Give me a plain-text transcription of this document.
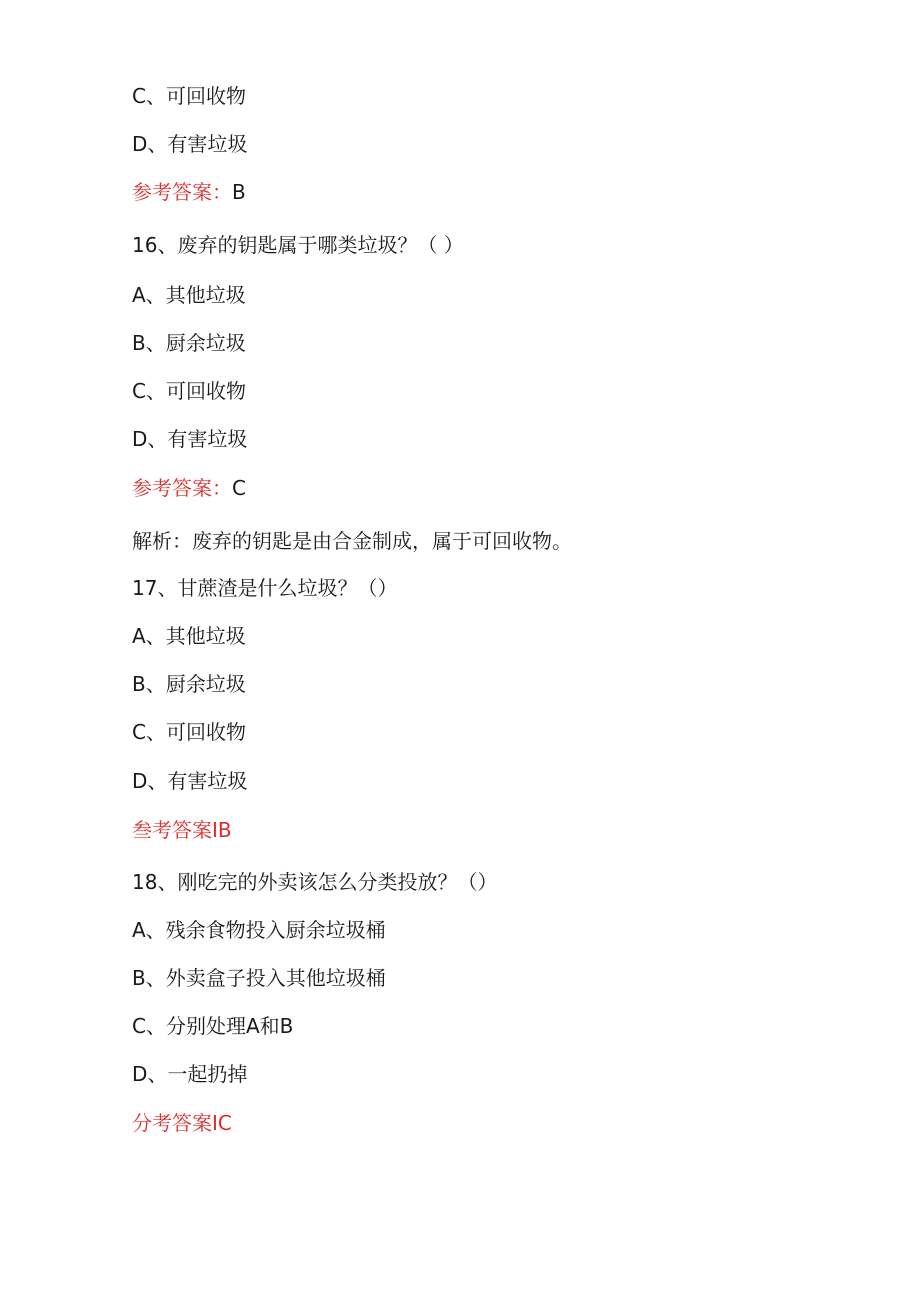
C、可回收物
D、有害垃圾
参考答案：B
16、废弃的钥匙属于哪类垃圾？（ ）
A、其他垃圾
B、厨余垃圾
C、可回收物
D、有害垃圾
参考答案：C
解析：废弃的钥匙是由合金制成，属于可回收物。
17、甘蔗渣是什么垃圾？（）
A、其他垃圾
B、厨余垃圾
C、可回收物
D、有害垃圾
叁考答案IB
18、刚吃完的外卖该怎么分类投放？（）
A、残余食物投入厨余垃圾桶
B、外卖盒子投入其他垃圾桶
C、分别处理A和B
D、一起扔掉
分考答案IC
